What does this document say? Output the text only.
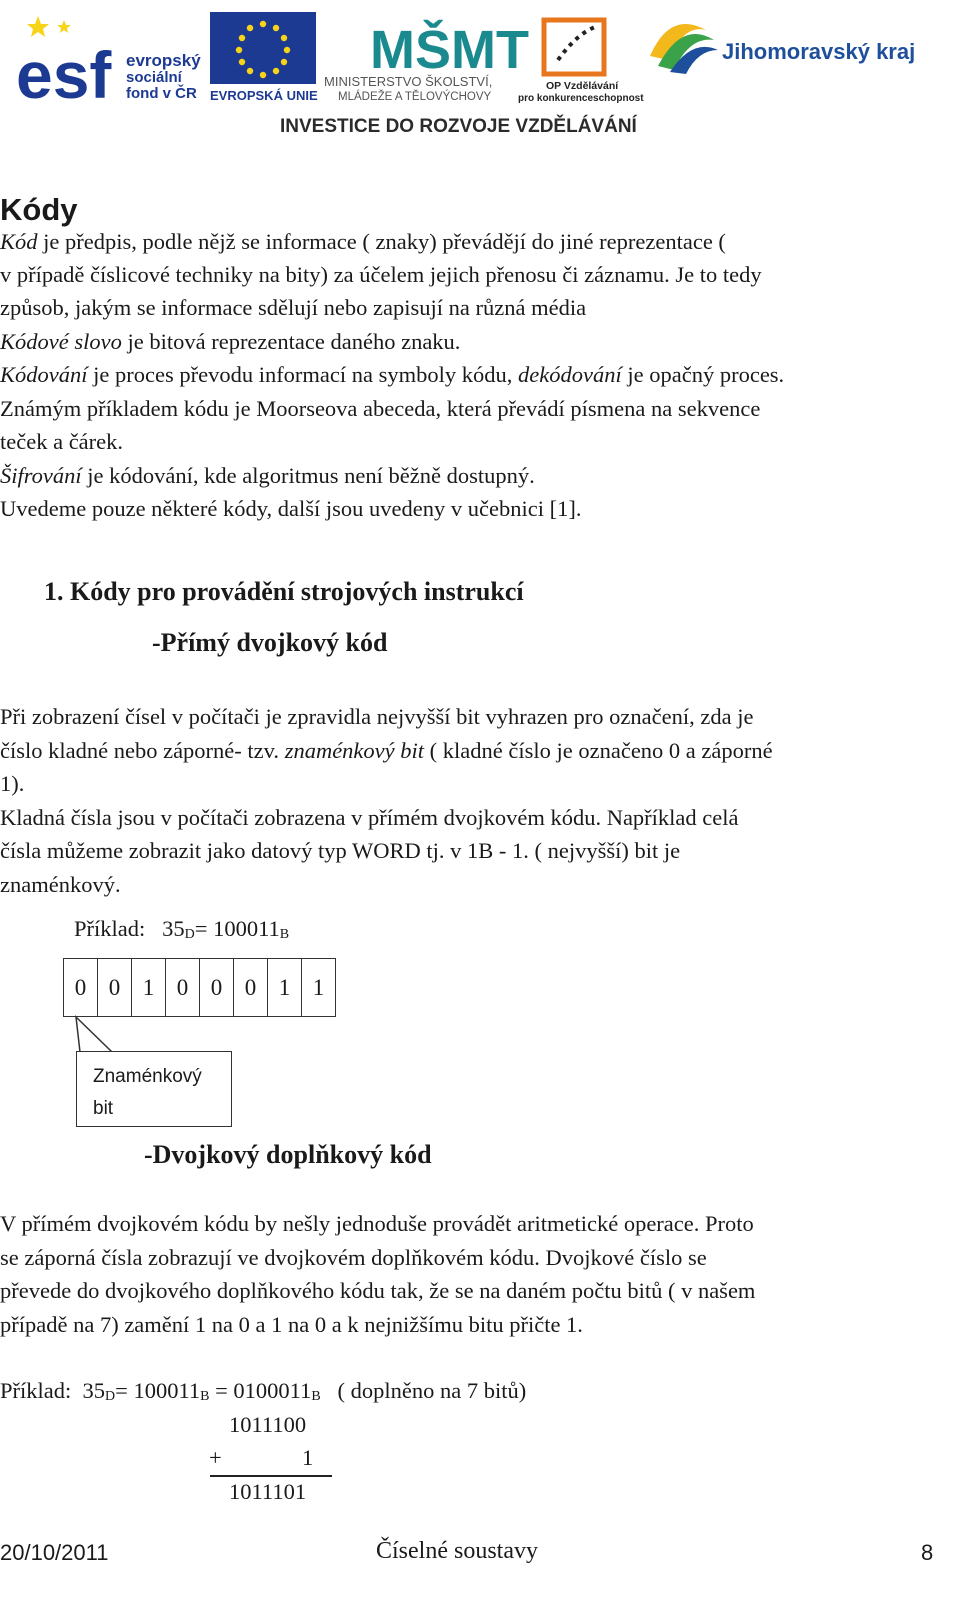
esf evropský
sociální
fond v ČR EVROPSKÁ UNIE
MŠMT
MINISTERSTVO ŠKOLSTVÍ,
MLÁDEŽE A TĚLOVÝCHOVY
OP Vzdělávání
pro konkurenceschopnost
Jihomoravský kraj
INVESTICE DO ROZVOJE VZDĚLÁVÁNÍ
Kódy
Kód je předpis, podle nějž se informace ( znaky) převádějí do jiné reprezentace (
v případě číslicové techniky na bity) za účelem jejich přenosu či záznamu. Je to tedy
způsob, jakým se informace sdělují nebo zapisují na různá média
Kódové slovo je bitová reprezentace daného znaku.
Kódování je proces převodu informací na symboly kódu, dekódování je opačný proces.
Známým příkladem kódu je Moorseova abeceda, která převádí písmena na sekvence
teček a čárek.
Šifrování je kódování, kde algoritmus není běžně dostupný.
Uvedeme pouze některé kódy, další jsou uvedeny v učebnici [1].
1. Kódy pro provádění strojových instrukcí
-Přímý dvojkový kód
Při zobrazení čísel v počítači je zpravidla nejvyšší bit vyhrazen pro označení, zda je
číslo kladné nebo záporné- tzv. znaménkový bit ( kladné číslo je označeno 0 a záporné
1).
Kladná čísla jsou v počítači zobrazena v přímém dvojkovém kódu. Například celá
čísla můžeme zobrazit jako datový typ WORD tj. v 1B - 1. ( nejvyšší) bit je
znaménkový.
Příklad: $35_D= 100011_B$
0	0	1	0	0	0	1	1
Znaménkový
bit
-Dvojkový doplňkový kód
V přímém dvojkovém kódu by nešly jednoduše provádět aritmetické operace. Proto
se záporná čísla zobrazují ve dvojkovém doplňkovém kódu. Dvojkové číslo se
převede do dvojkového doplňkového kódu tak, že se na daném počtu bitů ( v našem
případě na 7) zamění 1 na 0 a 1 na 0 a k nejnižšímu bitu přičte 1.
Příklad: $35_D= 100011_B = 0100011_B$ ( doplněno na 7 bitů)
1011100
+	1
1011101
20/10/2011	Číselné soustavy	8
